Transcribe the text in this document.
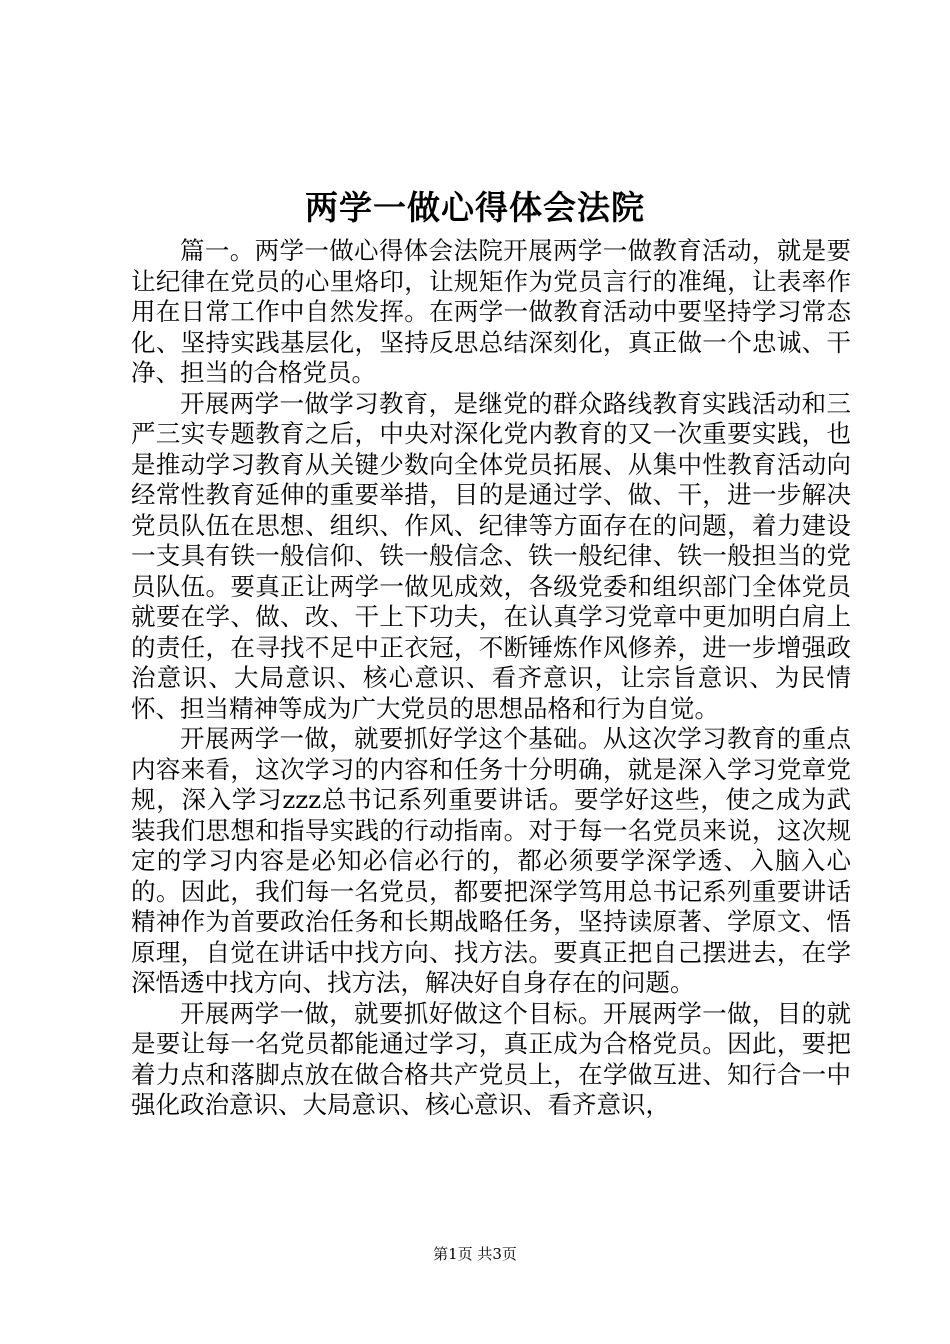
两学一做心得体会法院

篇一。两学一做心得体会法院开展两学一做教育活动，就是要让纪律在党员的心里烙印，让规矩作为党员言行的准绳，让表率作用在日常工作中自然发挥。在两学一做教育活动中要坚持学习常态化、坚持实践基层化，坚持反思总结深刻化，真正做一个忠诚、干净、担当的合格党员。

开展两学一做学习教育，是继党的群众路线教育实践活动和三严三实专题教育之后，中央对深化党内教育的又一次重要实践，也是推动学习教育从关键少数向全体党员拓展、从集中性教育活动向经常性教育延伸的重要举措，目的是通过学、做、干，进一步解决党员队伍在思想、组织、作风、纪律等方面存在的问题，着力建设一支具有铁一般信仰、铁一般信念、铁一般纪律、铁一般担当的党员队伍。要真正让两学一做见成效，各级党委和组织部门全体党员就要在学、做、改、干上下功夫，在认真学习党章中更加明白肩上的责任，在寻找不足中正衣冠，不断锤炼作风修养，进一步增强政治意识、大局意识、核心意识、看齐意识，让宗旨意识、为民情怀、担当精神等成为广大党员的思想品格和行为自觉。

开展两学一做，就要抓好学这个基础。从这次学习教育的重点内容来看，这次学习的内容和任务十分明确，就是深入学习党章党规，深入学习zzz总书记系列重要讲话。要学好这些，使之成为武装我们思想和指导实践的行动指南。对于每一名党员来说，这次规定的学习内容是必知必信必行的，都必须要学深学透、入脑入心的。因此，我们每一名党员，都要把深学笃用总书记系列重要讲话精神作为首要政治任务和长期战略任务，坚持读原著、学原文、悟原理，自觉在讲话中找方向、找方法。要真正把自己摆进去，在学深悟透中找方向、找方法，解决好自身存在的问题。

开展两学一做，就要抓好做这个目标。开展两学一做，目的就是要让每一名党员都能通过学习，真正成为合格党员。因此，要把着力点和落脚点放在做合格共产党员上，在学做互进、知行合一中强化政治意识、大局意识、核心意识、看齐意识，

第1页 共3页
